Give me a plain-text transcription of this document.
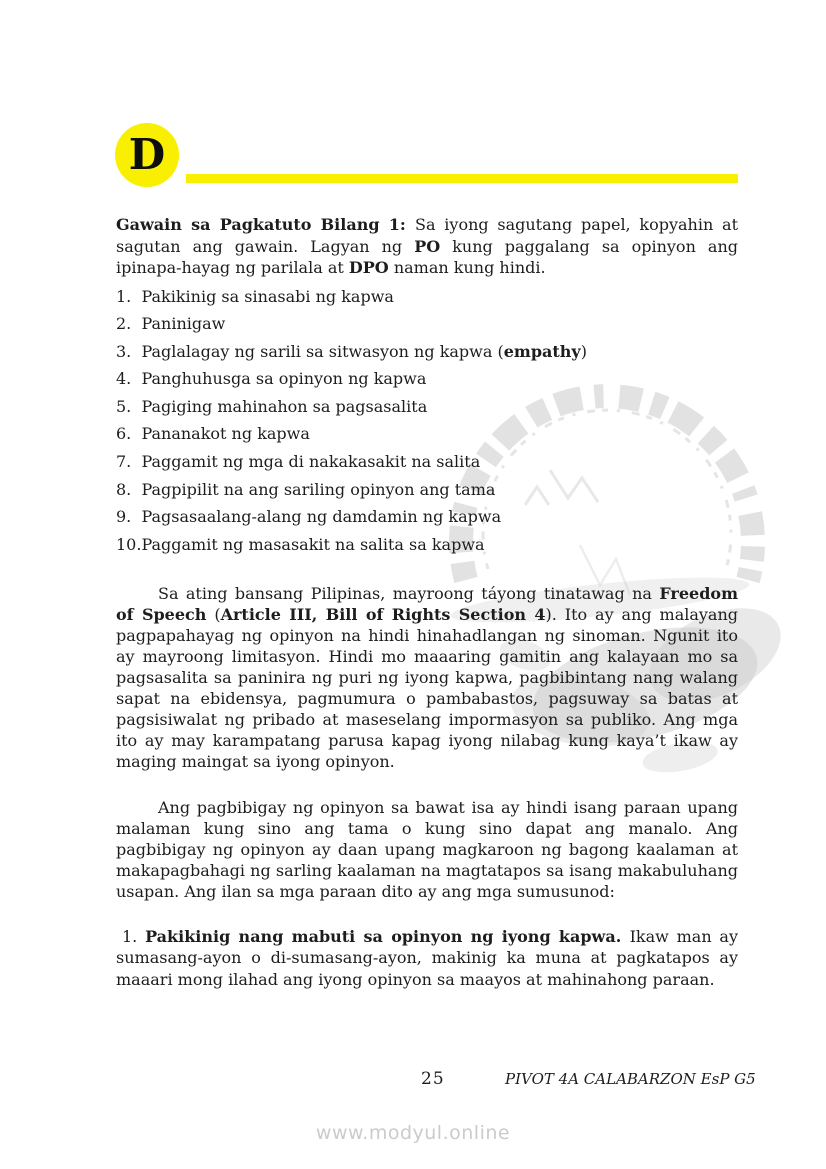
D

Gawain sa Pagkatuto Bilang 1: Sa iyong sagutang papel, kopyahin at sagutan ang gawain. Lagyan ng PO kung paggalang sa opinyon ang ipinapa-hayag ng parilala at DPO naman kung hindi.

1.  Pakikinig sa sinasabi ng kapwa
2.  Paninigaw
3.  Paglalagay ng sarili sa sitwasyon ng kapwa (empathy)
4.  Panghuhusga sa opinyon ng kapwa
5.  Pagiging mahinahon sa pagsasalita
6.  Pananakot ng kapwa
7.  Paggamit ng mga di nakakasakit na salita
8.  Pagpipilit na ang sariling opinyon ang tama
9.  Pagsasaalang-alang ng damdamin ng kapwa
10.Paggamit ng masasakit na salita sa kapwa

Sa ating bansang Pilipinas, mayroong táyong tinatawag na Freedom of Speech (Article III, Bill of Rights Section 4). Ito ay ang malayang pagpapahayag ng opinyon na hindi hinahadlangan ng sinoman. Ngunit ito ay mayroong limitasyon. Hindi mo maaaring gamitin ang kalayaan mo sa pagsasalita sa paninira ng puri ng iyong kapwa, pagbibintang nang walang sapat na ebidensya, pagmumura o pambabastos, pagsuway sa batas at pagsisiwalat ng pribado at maseselang impormasyon sa publiko. Ang mga ito ay may karampatang parusa kapag iyong nilabag kung kaya’t ikaw ay maging maingat sa iyong opinyon.

Ang pagbibigay ng opinyon sa bawat isa ay hindi isang paraan upang malaman kung sino ang tama o kung sino dapat ang manalo. Ang pagbibigay ng opinyon ay daan upang magkaroon ng bagong kaalaman at makapagbahagi ng sarling kaalaman na magtatapos sa isang makabuluhang usapan. Ang ilan sa mga paraan dito ay ang mga sumusunod:

1. Pakikinig nang mabuti sa opinyon ng iyong kapwa. Ikaw man ay sumasang-ayon o di-sumasang-ayon, makinig ka muna at pagkatapos ay maaari mong ilahad ang iyong opinyon sa maayos at mahinahong paraan.

25	PIVOT 4A CALABARZON EsP G5
www.modyul.online
